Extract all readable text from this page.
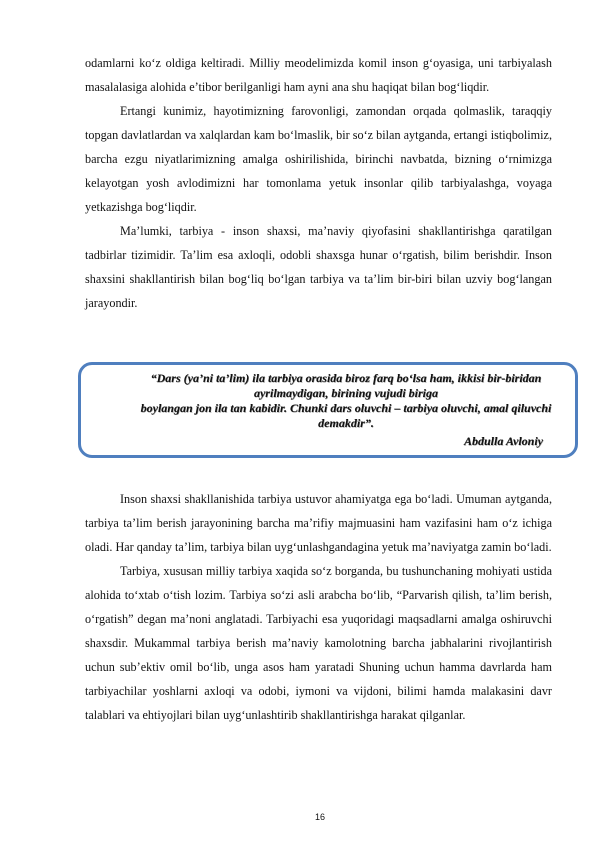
odamlarni ko‘z oldiga keltiradi. Milliy meodelimizda komil inson g‘oyasiga, uni tarbiyalash masalalasiga alohida e’tibor berilganligi ham ayni ana shu haqiqat bilan bog‘liqdir.

Ertangi kunimiz, hayotimizning farovonligi, zamondan orqada qolmaslik, taraqqiy topgan davlatlardan va xalqlardan kam bo‘lmaslik, bir so‘z bilan aytganda, ertangi istiqbolimiz, barcha ezgu niyatlarimizning amalga oshirilishida, birinchi navbatda, bizning o‘rnimizga kelayotgan yosh avlodimizni har tomonlama yetuk insonlar qilib tarbiyalashga, voyaga yetkazishga bog‘liqdir.

Ma’lumki, tarbiya - inson shaxsi, ma’naviy qiyofasini shakllantirishga qaratilgan tadbirlar tizimidir. Ta’lim esa axloqli, odobli shaxsga hunar o‘rgatish, bilim berishdir. Inson shaxsini shakllantirish bilan bog‘liq bo‘lgan tarbiya va ta’lim bir-biri bilan uzviy bog‘langan jarayondir.

“Dars (ya’ni ta’lim) ila tarbiya orasida biroz farq bo‘lsa ham, ikkisi bir-biridan ayrilmaydigan, birining vujudi biriga
boylangan jon ila tan kabidir. Chunki dars oluvchi – tarbiya oluvchi, amal qiluvchi demakdir”.
Abdulla Avloniy

Inson shaxsi shakllanishida tarbiya ustuvor ahamiyatga ega bo‘ladi. Umuman aytganda, tarbiya ta’lim berish jarayonining barcha ma’rifiy majmuasini ham vazifasini ham o‘z ichiga oladi. Har qanday ta’lim, tarbiya bilan uyg‘unlashgandagina yetuk ma’naviyatga zamin bo‘ladi.

Tarbiya, xususan milliy tarbiya xaqida so‘z borganda, bu tushunchaning mohiyati ustida alohida to‘xtab o‘tish lozim. Tarbiya so‘zi asli arabcha bo‘lib, “Parvarish qilish, ta’lim berish, o‘rgatish” degan ma’noni anglatadi. Tarbiyachi esa yuqoridagi maqsadlarni amalga oshiruvchi shaxsdir. Mukammal tarbiya berish ma’naviy kamolotning barcha jabhalarini rivojlantirish uchun sub’ektiv omil bo‘lib, unga asos ham yaratadi Shuning uchun hamma davrlarda ham tarbiyachilar yoshlarni axloqi va odobi, iymoni va vijdoni, bilimi hamda malakasini davr talablari va ehtiyojlari bilan uyg‘unlashtirib shakllantirishga harakat qilganlar.

16
